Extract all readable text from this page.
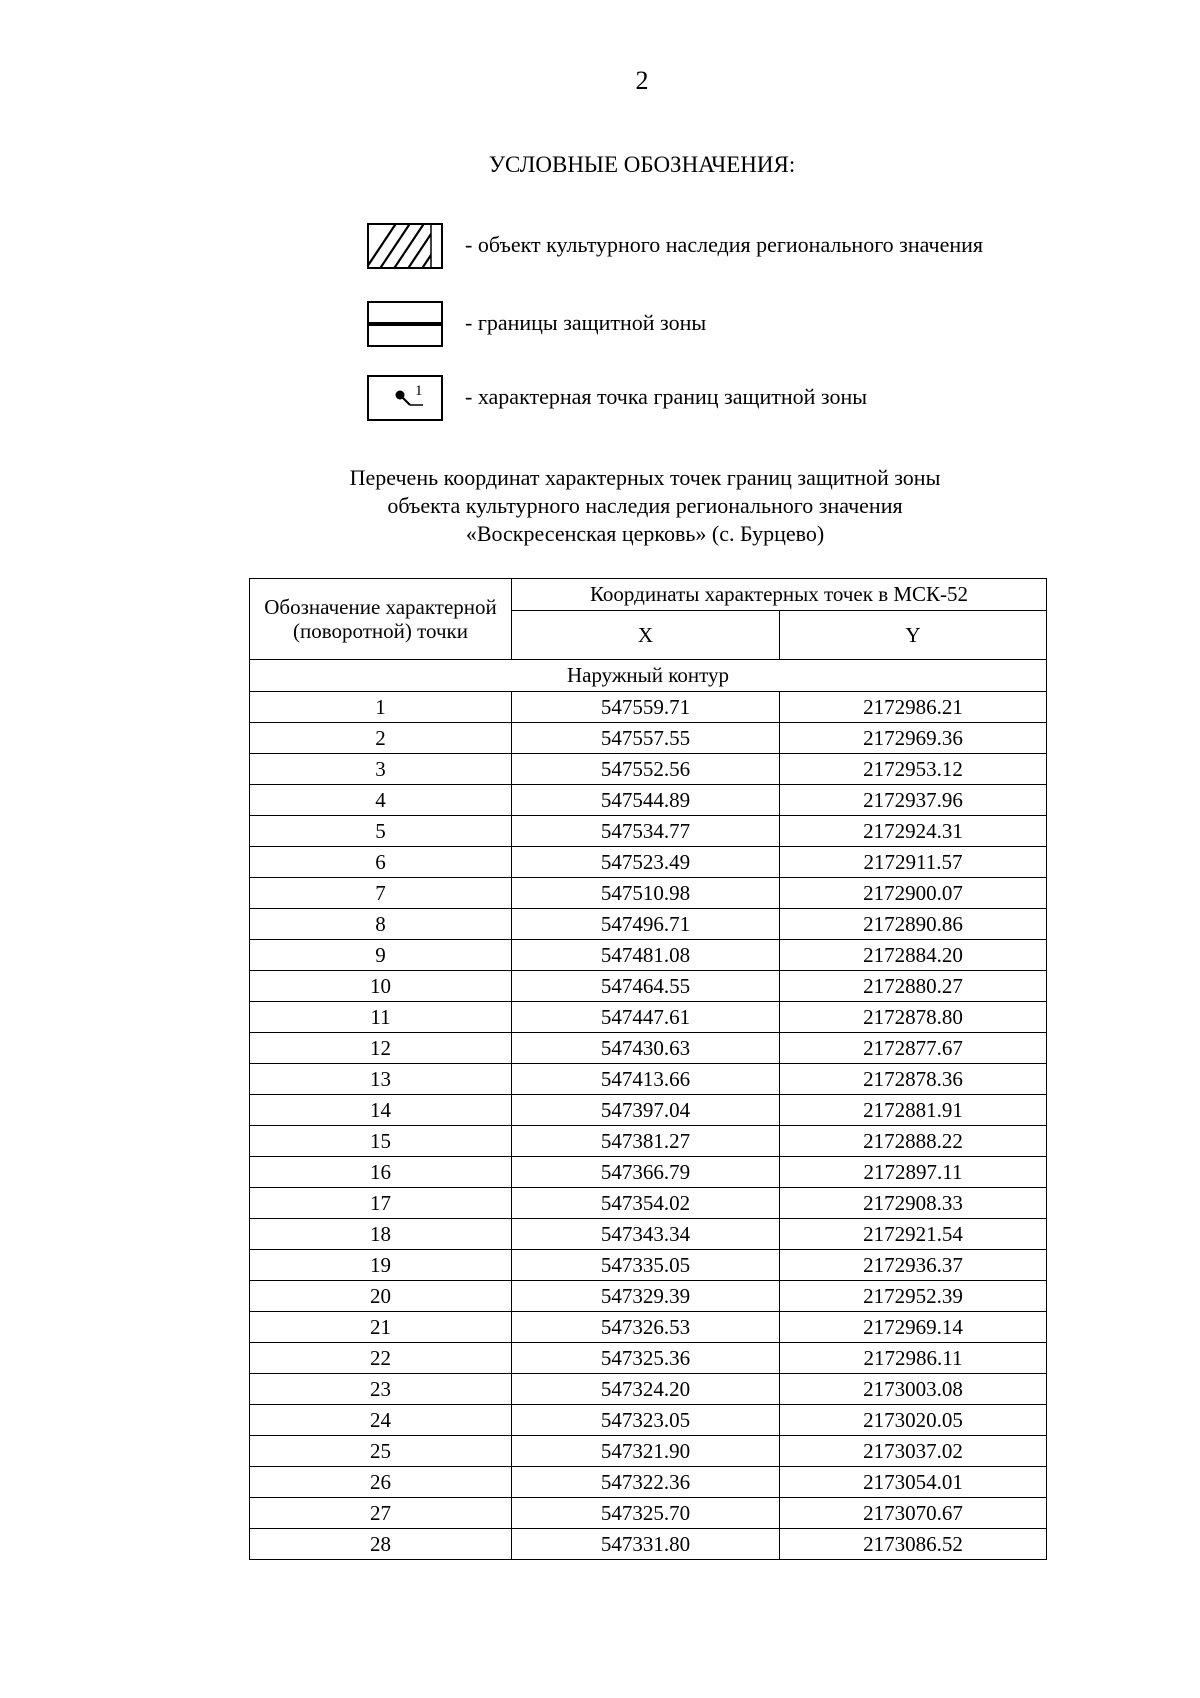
2
УСЛОВНЫЕ ОБОЗНАЧЕНИЯ:
- объект культурного наследия регионального значения
- границы защитной зоны
1 - характерная точка границ защитной зоны
Перечень координат характерных точек границ защитной зоны
объекта культурного наследия регионального значения
«Воскресенская церковь» (с. Бурцево)
Обозначение характерной (поворотной) точки	Координаты характерных точек в МСК-52	
	X	Y
Наружный контур		
1	547559.71	2172986.21
2	547557.55	2172969.36
3	547552.56	2172953.12
4	547544.89	2172937.96
5	547534.77	2172924.31
6	547523.49	2172911.57
7	547510.98	2172900.07
8	547496.71	2172890.86
9	547481.08	2172884.20
10	547464.55	2172880.27
11	547447.61	2172878.80
12	547430.63	2172877.67
13	547413.66	2172878.36
14	547397.04	2172881.91
15	547381.27	2172888.22
16	547366.79	2172897.11
17	547354.02	2172908.33
18	547343.34	2172921.54
19	547335.05	2172936.37
20	547329.39	2172952.39
21	547326.53	2172969.14
22	547325.36	2172986.11
23	547324.20	2173003.08
24	547323.05	2173020.05
25	547321.90	2173037.02
26	547322.36	2173054.01
27	547325.70	2173070.67
28	547331.80	2173086.52
